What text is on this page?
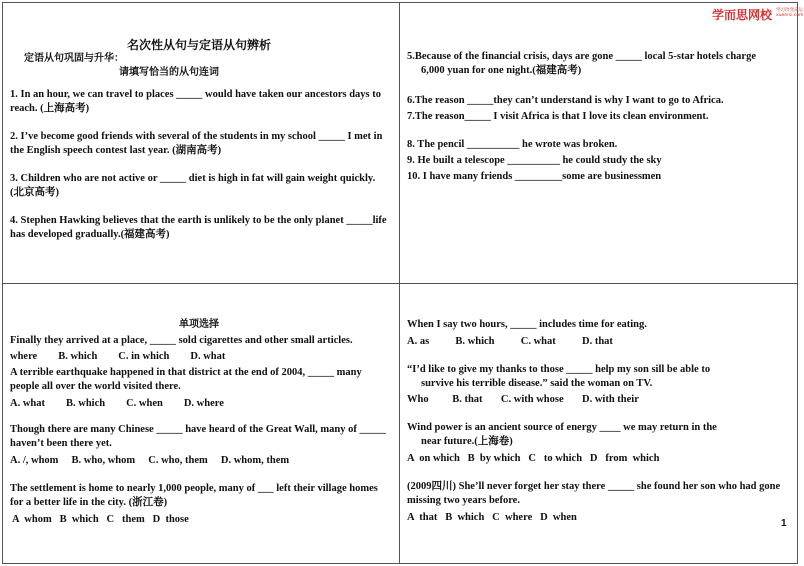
学而思网校 学习改变命运 xueersi.com
名次性从句与定语从句辨析

定语从句巩固与升华：

请填写恰当的从句连词

1. In an hour, we can travel to places _____ would have taken our ancestors days to reach. (上海高考)

2. I’ve become good friends with several of the students in my school _____ I met in the English speech contest last year. (湖南高考)

3. Children who are not active or _____ diet is high in fat will gain weight quickly. (北京高考)

4. Stephen Hawking believes that the earth is unlikely to be the only planet _____life has developed gradually.(福建高考)

5.Because of the financial crisis, days are gone _____ local 5-star hotels charge

6,000 yuan for one night.(福建高考)

6.The reason _____they can’t understand is why I want to go to Africa.

7.The reason_____ I visit Africa is that I love its clean environment.

8. The pencil __________ he wrote was broken.

9. He built a telescope __________ he could study the sky

10. I have many friends _________some are businessmen

单项选择

Finally they arrived at a place, _____ sold cigarettes and other small articles.

where        B. which        C. in which        D. what

A terrible earthquake happened in that district at the end of 2004, _____ many people all over the world visited there.

A. what        B. which        C. when        D. where

Though there are many Chinese _____ have heard of the Great Wall, many of _____ haven’t been there yet.

A. /, whom     B. who, whom     C. who, them     D. whom, them

The settlement is home to nearly 1,000 people, many of ___ left their village homes for a better life in the city. (浙江卷)

A  whom   B  which   C   them   D  those

When I say two hours, _____ includes time for eating.

A. as          B. which          C. what          D. that

“I’d like to give my thanks to those _____ help my son sill be able to

survive his terrible disease.” said the woman on TV.

Who         B. that       C. with whose       D. with their

Wind power is an ancient source of energy ____ we may return in the

near future.(上海卷)

A  on which   B  by which   C   to which   D   from  which

(2009四川) She’ll never forget her stay there _____ she found her son who had gone missing two years before.

A  that   B  which   C  where   D  when

1
